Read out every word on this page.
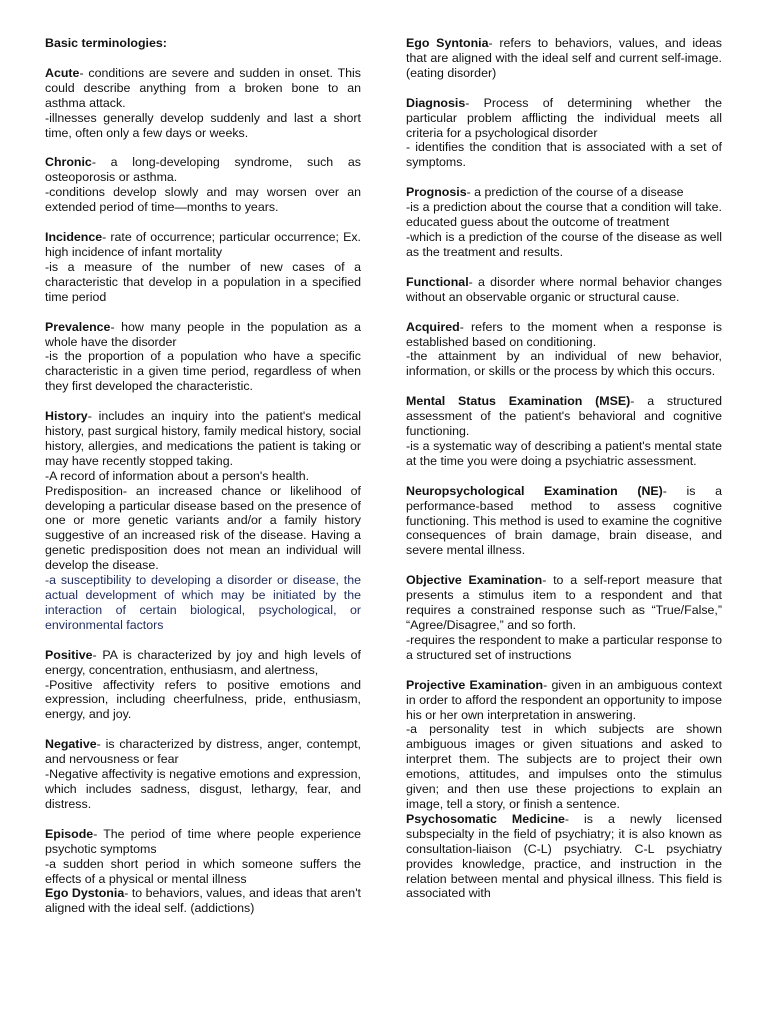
Basic terminologies:

Acute- conditions are severe and sudden in onset. This could describe anything from a broken bone to an asthma attack.

-illnesses generally develop suddenly and last a short time, often only a few days or weeks.

Chronic- a long-developing syndrome, such as osteoporosis or asthma.

-conditions develop slowly and may worsen over an extended period of time—months to years.

Incidence- rate of occurrence; particular occurrence; Ex. high incidence of infant mortality

-is a measure of the number of new cases of a characteristic that develop in a population in a specified time period

Prevalence- how many people in the population as a whole have the disorder

-is the proportion of a population who have a specific characteristic in a given time period, regardless of when they first developed the characteristic.

History- includes an inquiry into the patient's medical history, past surgical history, family medical history, social history, allergies, and medications the patient is taking or may have recently stopped taking.

-A record of information about a person's health.

Predisposition- an increased chance or likelihood of developing a particular disease based on the presence of one or more genetic variants and/or a family history suggestive of an increased risk of the disease. Having a genetic predisposition does not mean an individual will develop the disease.

-a susceptibility to developing a disorder or disease, the actual development of which may be initiated by the interaction of certain biological, psychological, or environmental factors

Positive- PA is characterized by joy and high levels of energy, concentration, enthusiasm, and alertness,

-Positive affectivity refers to positive emotions and expression, including cheerfulness, pride, enthusiasm, energy, and joy.

Negative- is characterized by distress, anger, contempt, and nervousness or fear

-Negative affectivity is negative emotions and expression, which includes sadness, disgust, lethargy, fear, and distress.

Episode- The period of time where people experience psychotic symptoms

-a sudden short period in which someone suffers the effects of a physical or mental illness

Ego Dystonia- to behaviors, values, and ideas that aren't aligned with the ideal self. (addictions)

Ego Syntonia- refers to behaviors, values, and ideas that are aligned with the ideal self and current self-image. (eating disorder)

Diagnosis- Process of determining whether the particular problem afflicting the individual meets all criteria for a psychological disorder

- identifies the condition that is associated with a set of symptoms.

Prognosis- a prediction of the course of a disease

-is a prediction about the course that a condition will take. educated guess about the outcome of treatment

-which is a prediction of the course of the disease as well as the treatment and results.

Functional- a disorder where normal behavior changes without an observable organic or structural cause.

Acquired- refers to the moment when a response is established based on conditioning.

-the attainment by an individual of new behavior, information, or skills or the process by which this occurs.

Mental Status Examination (MSE)- a structured assessment of the patient's behavioral and cognitive functioning.

-is a systematic way of describing a patient's mental state at the time you were doing a psychiatric assessment.

Neuropsychological Examination (NE)- is a performance-based method to assess cognitive functioning. This method is used to examine the cognitive consequences of brain damage, brain disease, and severe mental illness.

Objective Examination- to a self-report measure that presents a stimulus item to a respondent and that requires a constrained response such as “True/False,” “Agree/Disagree,” and so forth.

-requires the respondent to make a particular response to a structured set of instructions

Projective Examination- given in an ambiguous context in order to afford the respondent an opportunity to impose his or her own interpretation in answering.

-a personality test in which subjects are shown ambiguous images or given situations and asked to interpret them. The subjects are to project their own emotions, attitudes, and impulses onto the stimulus given; and then use these projections to explain an image, tell a story, or finish a sentence.

Psychosomatic Medicine- is a newly licensed subspecialty in the field of psychiatry; it is also known as consultation-liaison (C-L) psychiatry. C-L psychiatry provides knowledge, practice, and instruction in the relation between mental and physical illness. This field is associated with
